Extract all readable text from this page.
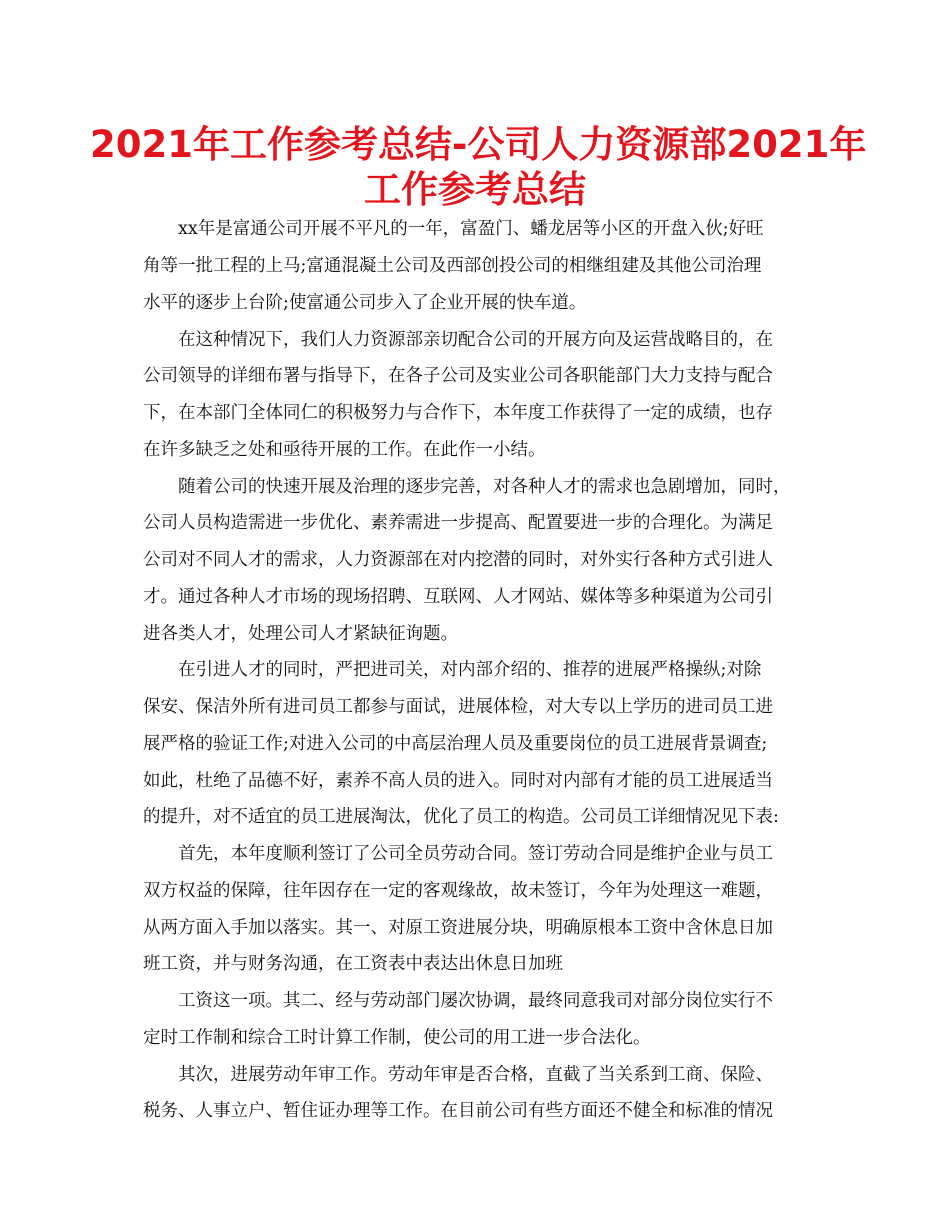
2021年工作参考总结-公司人力资源部2021年
工作参考总结

xx年是富通公司开展不平凡的一年，富盈门、蟠龙居等小区的开盘入伙;好旺

角等一批工程的上马;富通混凝土公司及西部创投公司的相继组建及其他公司治理

水平的逐步上台阶;使富通公司步入了企业开展的快车道。

在这种情况下，我们人力资源部亲切配合公司的开展方向及运营战略目的，在

公司领导的详细布署与指导下，在各子公司及实业公司各职能部门大力支持与配合

下，在本部门全体同仁的积极努力与合作下，本年度工作获得了一定的成绩，也存

在许多缺乏之处和亟待开展的工作。在此作一小结。

随着公司的快速开展及治理的逐步完善，对各种人才的需求也急剧增加，同时，

公司人员构造需进一步优化、素养需进一步提高、配置要进一步的合理化。为满足

公司对不同人才的需求，人力资源部在对内挖潜的同时，对外实行各种方式引进人

才。通过各种人才市场的现场招聘、互联网、人才网站、媒体等多种渠道为公司引

进各类人才，处理公司人才紧缺征询题。

在引进人才的同时，严把进司关，对内部介绍的、推荐的进展严格操纵;对除

保安、保洁外所有进司员工都参与面试，进展体检，对大专以上学历的进司员工进

展严格的验证工作;对进入公司的中高层治理人员及重要岗位的员工进展背景调查;

如此，杜绝了品德不好，素养不高人员的进入。同时对内部有才能的员工进展适当

的提升，对不适宜的员工进展淘汰，优化了员工的构造。公司员工详细情况见下表:

首先，本年度顺利签订了公司全员劳动合同。签订劳动合同是维护企业与员工

双方权益的保障，往年因存在一定的客观缘故，故未签订，今年为处理这一难题，

从两方面入手加以落实。其一、对原工资进展分块，明确原根本工资中含休息日加

班工资，并与财务沟通，在工资表中表达出休息日加班

工资这一项。其二、经与劳动部门屡次协调，最终同意我司对部分岗位实行不

定时工作制和综合工时计算工作制，使公司的用工进一步合法化。

其次，进展劳动年审工作。劳动年审是否合格，直截了当关系到工商、保险、

税务、人事立户、暂住证办理等工作。在目前公司有些方面还不健全和标准的情况
